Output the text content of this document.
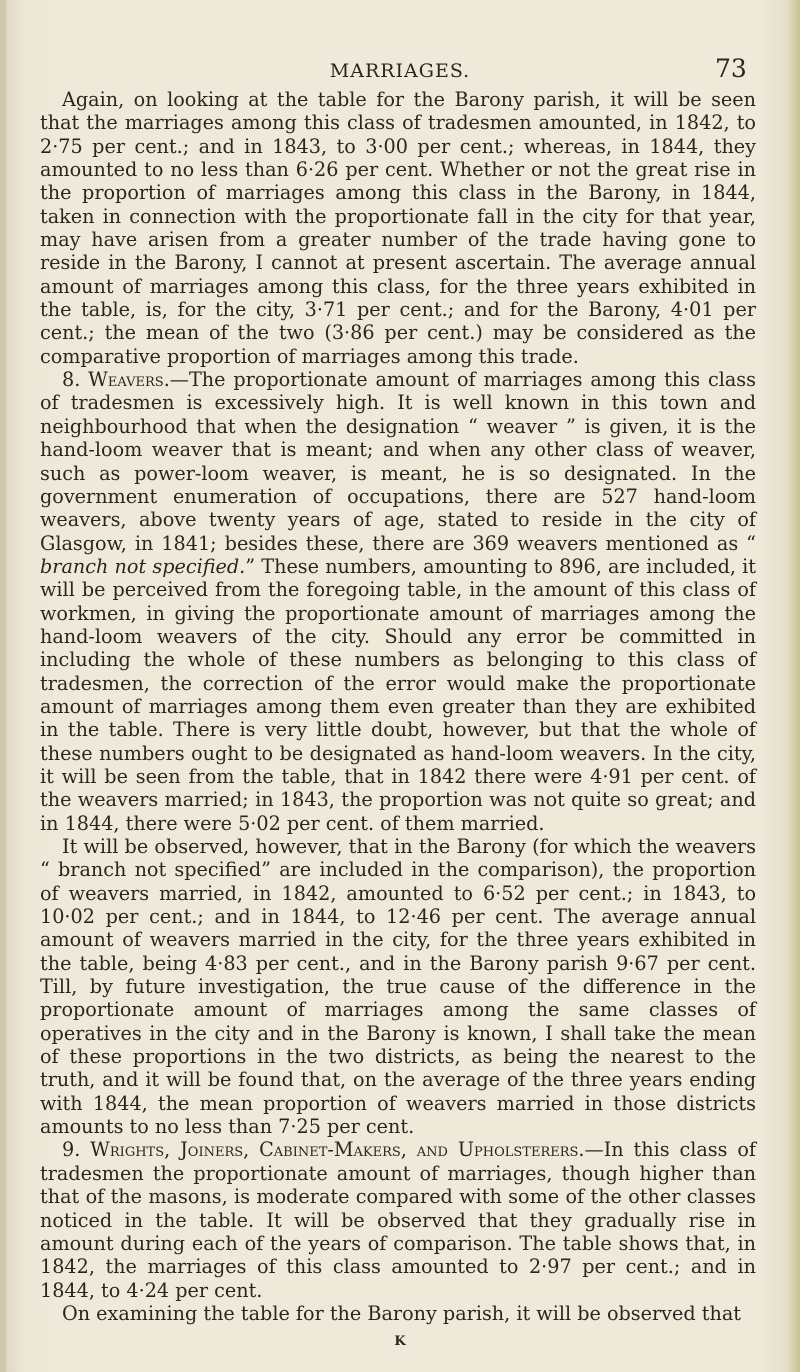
MARRIAGES.	73

Again, on looking at the table for the Barony parish, it will be seen that the marriages among this class of tradesmen amounted, in 1842, to 2·75 per cent.; and in 1843, to 3·00 per cent.; whereas, in 1844, they amounted to no less than 6·26 per cent. Whether or not the great rise in the proportion of marriages among this class in the Barony, in 1844, taken in connection with the proportionate fall in the city for that year, may have arisen from a greater number of the trade having gone to reside in the Barony, I cannot at present ascertain. The average annual amount of marriages among this class, for the three years exhibited in the table, is, for the city, 3·71 per cent.; and for the Barony, 4·01 per cent.; the mean of the two (3·86 per cent.) may be considered as the comparative proportion of marriages among this trade.

8. Weavers.—The proportionate amount of marriages among this class of tradesmen is excessively high. It is well known in this town and neighbourhood that when the designation “ weaver ” is given, it is the hand-loom weaver that is meant; and when any other class of weaver, such as power-loom weaver, is meant, he is so designated. In the government enumeration of occupations, there are 527 hand-loom weavers, above twenty years of age, stated to reside in the city of Glasgow, in 1841; besides these, there are 369 weavers mentioned as “ branch not specified.” These numbers, amounting to 896, are included, it will be perceived from the foregoing table, in the amount of this class of workmen, in giving the proportionate amount of marriages among the hand-loom weavers of the city. Should any error be committed in including the whole of these numbers as belonging to this class of tradesmen, the correction of the error would make the proportionate amount of marriages among them even greater than they are exhibited in the table. There is very little doubt, however, but that the whole of these numbers ought to be designated as hand-loom weavers. In the city, it will be seen from the table, that in 1842 there were 4·91 per cent. of the weavers married; in 1843, the proportion was not quite so great; and in 1844, there were 5·02 per cent. of them married.

It will be observed, however, that in the Barony (for which the weavers “ branch not specified” are included in the comparison), the proportion of weavers married, in 1842, amounted to 6·52 per cent.; in 1843, to 10·02 per cent.; and in 1844, to 12·46 per cent. The average annual amount of weavers married in the city, for the three years exhibited in the table, being 4·83 per cent., and in the Barony parish 9·67 per cent. Till, by future investigation, the true cause of the difference in the proportionate amount of marriages among the same classes of operatives in the city and in the Barony is known, I shall take the mean of these proportions in the two districts, as being the nearest to the truth, and it will be found that, on the average of the three years ending with 1844, the mean proportion of weavers married in those districts amounts to no less than 7·25 per cent.

9. Wrights, Joiners, Cabinet-Makers, and Upholsterers.—In this class of tradesmen the proportionate amount of marriages, though higher than that of the masons, is moderate compared with some of the other classes noticed in the table. It will be observed that they gradually rise in amount during each of the years of comparison. The table shows that, in 1842, the marriages of this class amounted to 2·97 per cent.; and in 1844, to 4·24 per cent.

On examining the table for the Barony parish, it will be observed that

K
